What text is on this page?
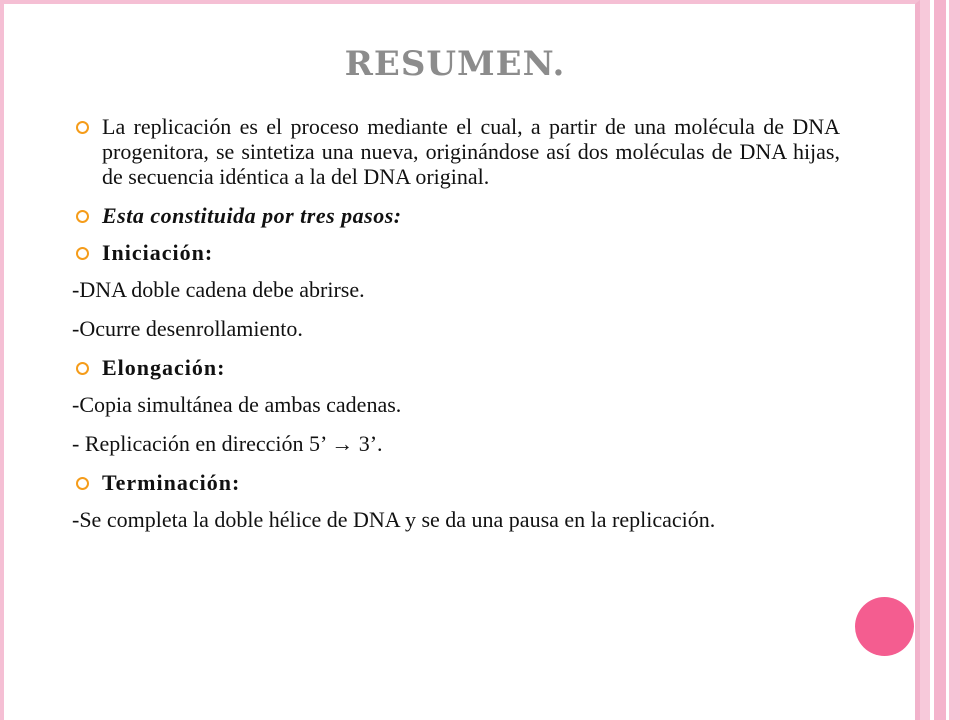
RESUMEN.
La replicación es el proceso mediante el cual, a partir de una molécula de DNA progenitora, se sintetiza una nueva, originándose así dos moléculas de DNA hijas, de secuencia idéntica a la del DNA original.
Esta constituida por tres pasos:
Iniciación:
-DNA doble cadena debe abrirse.
-Ocurre desenrollamiento.
Elongación:
-Copia simultánea de ambas cadenas.
- Replicación en dirección 5’ → 3’.
Terminación:
-Se completa la doble hélice de DNA y se da una pausa en la replicación.
